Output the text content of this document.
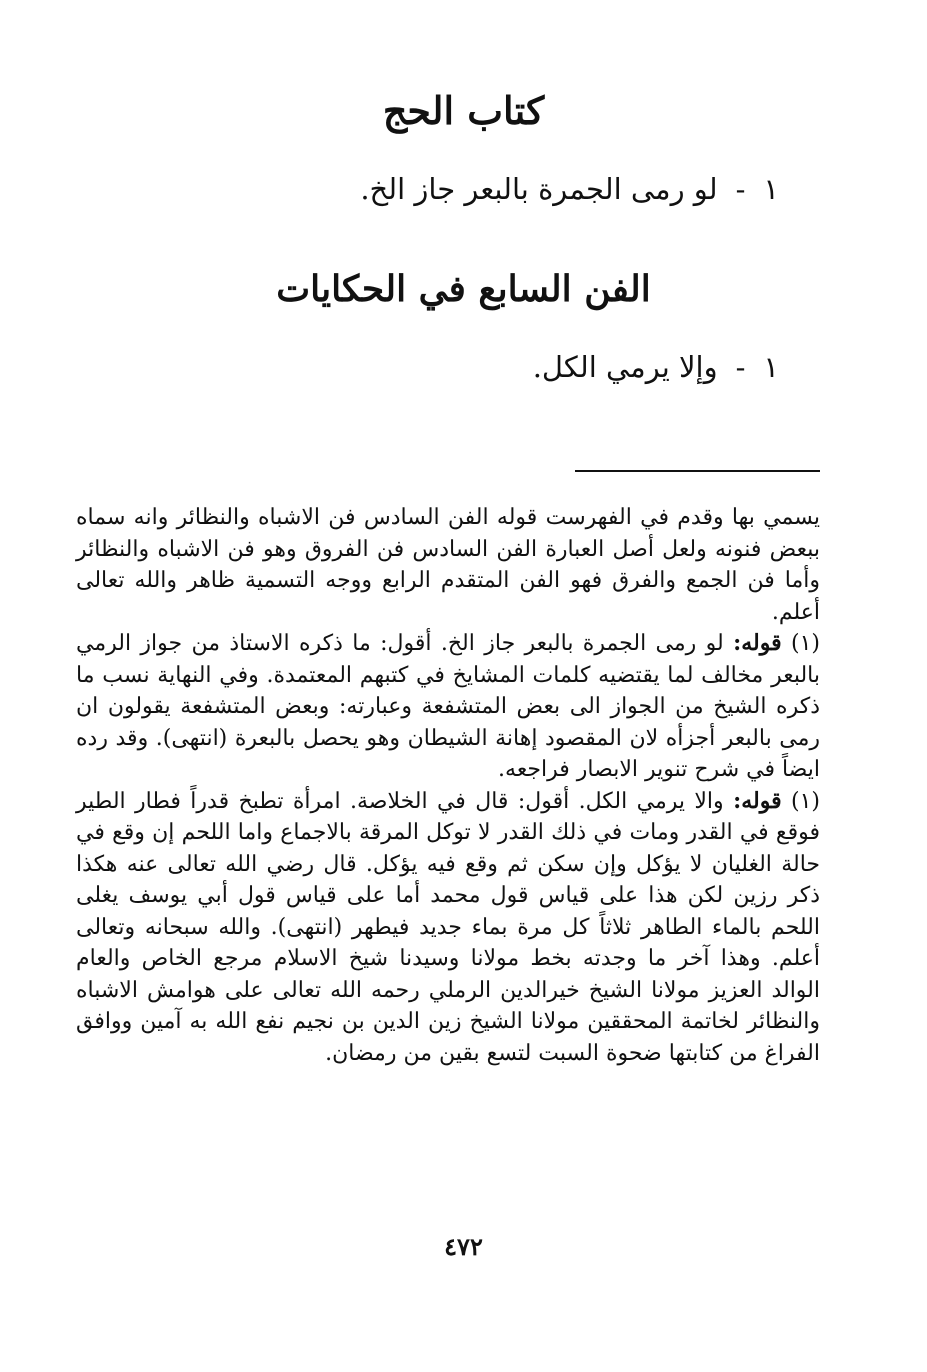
كتاب الحج
١-لو رمى الجمرة بالبعر جاز الخ.
الفن السابع في الحكايات
١-وإلا يرمي الكل.

يسمي بها وقدم في الفهرست قوله الفن السادس فن الاشباه والنظائر وانه سماه ببعض فنونه ولعل أصل العبارة الفن السادس فن الفروق وهو فن الاشباه والنظائر وأما فن الجمع والفرق فهو الفن المتقدم الرابع ووجه التسمية ظاهر والله تعالى أعلم.

(١) قوله: لو رمى الجمرة بالبعر جاز الخ. أقول: ما ذكره الاستاذ من جواز الرمي بالبعر مخالف لما يقتضيه كلمات المشايخ في كتبهم المعتمدة. وفي النهاية نسب ما ذكره الشيخ من الجواز الى بعض المتشفعة وعبارته: وبعض المتشفعة يقولون ان رمى بالبعر أجزأه لان المقصود إهانة الشيطان وهو يحصل بالبعرة (انتهى). وقد رده ايضاً في شرح تنوير الابصار فراجعه.

(١) قوله: والا يرمي الكل. أقول: قال في الخلاصة. امرأة تطبخ قدراً فطار الطير فوقع في القدر ومات في ذلك القدر لا توكل المرقة بالاجماع واما اللحم إن وقع في حالة الغليان لا يؤكل وإن سكن ثم وقع فيه يؤكل. قال رضي الله تعالى عنه هكذا ذكر رزين لكن هذا على قياس قول محمد أما على قياس قول أبي يوسف يغلى اللحم بالماء الطاهر ثلاثاً كل مرة بماء جديد فيطهر (انتهى). والله سبحانه وتعالى أعلم. وهذا آخر ما وجدته بخط مولانا وسيدنا شيخ الاسلام مرجع الخاص والعام الوالد العزيز مولانا الشيخ خيرالدين الرملي رحمه الله تعالى على هوامش الاشباه والنظائر لخاتمة المحققين مولانا الشيخ زين الدين بن نجيم نفع الله به آمين ووافق الفراغ من كتابتها ضحوة السبت لتسع بقين من رمضان.

٤٧٢
